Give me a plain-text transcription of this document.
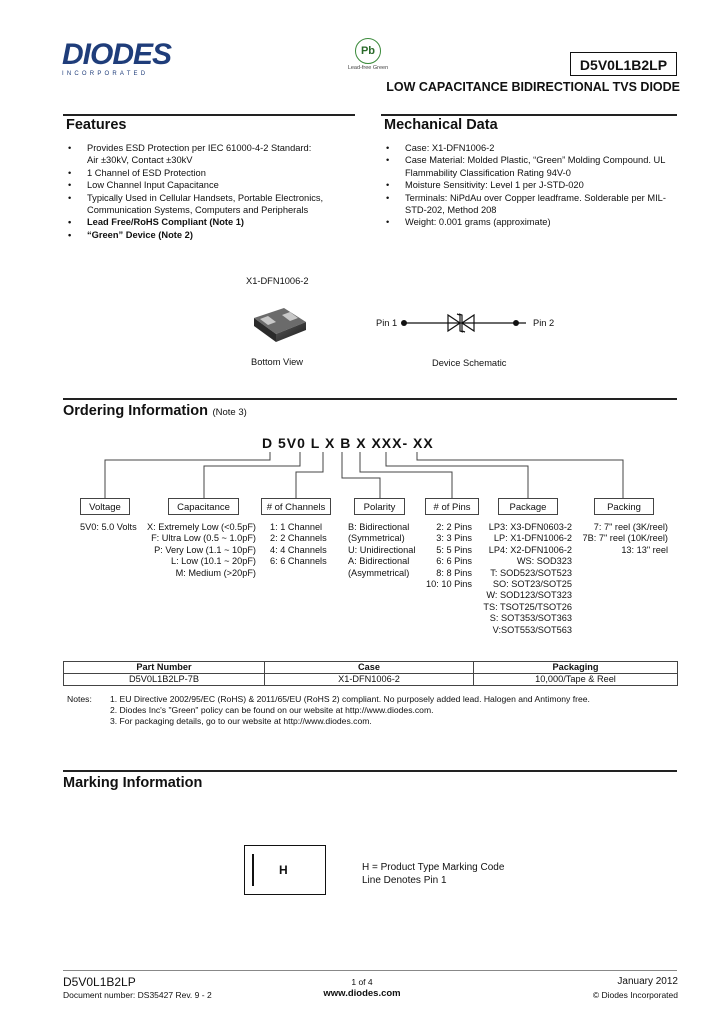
DIODES
INCORPORATED
Pb
Lead-free Green	D5V0L1B2LP
LOW CAPACITANCE BIDIRECTIONAL TVS DIODE
Features
• Provides ESD Protection per IEC 61000-4-2 Standard:
Air ±30kV, Contact ±30kV
• 1 Channel of ESD Protection
• Low Channel Input Capacitance
• Typically Used in Cellular Handsets, Portable Electronics,
Communication Systems, Computers and Peripherals
• Lead Free/RoHS Compliant (Note 1)
• “Green” Device (Note 2)
Mechanical Data
• Case: X1-DFN1006-2
• Case Material: Molded Plastic, “Green” Molding Compound. UL
Flammability Classification Rating 94V-0
• Moisture Sensitivity: Level 1 per J-STD-020
• Terminals: NiPdAu over Copper leadframe. Solderable per MIL-
STD-202, Method 208
• Weight: 0.001 grams (approximate)
X1-DFN1006-2
Bottom View
Pin 1	Pin 2
Device Schematic
Ordering Information (Note 3)
D 5V0 L X B X XXX- XX
Voltage	Capacitance	# of Channels	Polarity	# of Pins	Package	Packing
5V0: 5.0 Volts	X: Extremely Low (<0.5pF)
F: Ultra Low (0.5 ~ 1.0pF)
P: Very Low (1.1 ~ 10pF)
L: Low (10.1 ~ 20pF)
M: Medium (>20pF)
1: 1 Channel
2: 2 Channels
4: 4 Channels
6: 6 Channels
B: Bidirectional
(Symmetrical)
U: Unidirectional
A: Bidirectional
(Asymmetrical)
2: 2 Pins
3: 3 Pins
5: 5 Pins
6: 6 Pins
8: 8 Pins
10: 10 Pins
LP3: X3-DFN0603-2
LP: X1-DFN1006-2
LP4: X2-DFN1006-2
WS: SOD323
T: SOD523/SOT523
SO: SOT23/SOT25
W: SOD123/SOT323
TS: TSOT25/TSOT26
S: SOT353/SOT363
V:SOT553/SOT563
7: 7" reel (3K/reel)
7B: 7" reel (10K/reel)
13: 13" reel
Part Number	Case	Packaging
D5V0L1B2LP-7B	X1-DFN1006-2	10,000/Tape & Reel
Notes: 1. EU Directive 2002/95/EC (RoHS) & 2011/65/EU (RoHS 2) compliant. No purposely added lead. Halogen and Antimony free.
2. Diodes Inc's "Green" policy can be found on our website at http://www.diodes.com.
3. For packaging details, go to our website at http://www.diodes.com.
Marking Information
H	H = Product Type Marking Code
Line Denotes Pin 1
D5V0L1B2LP
Document number: DS35427 Rev. 9 - 2
1 of 4
www.diodes.com
January 2012
© Diodes Incorporated
